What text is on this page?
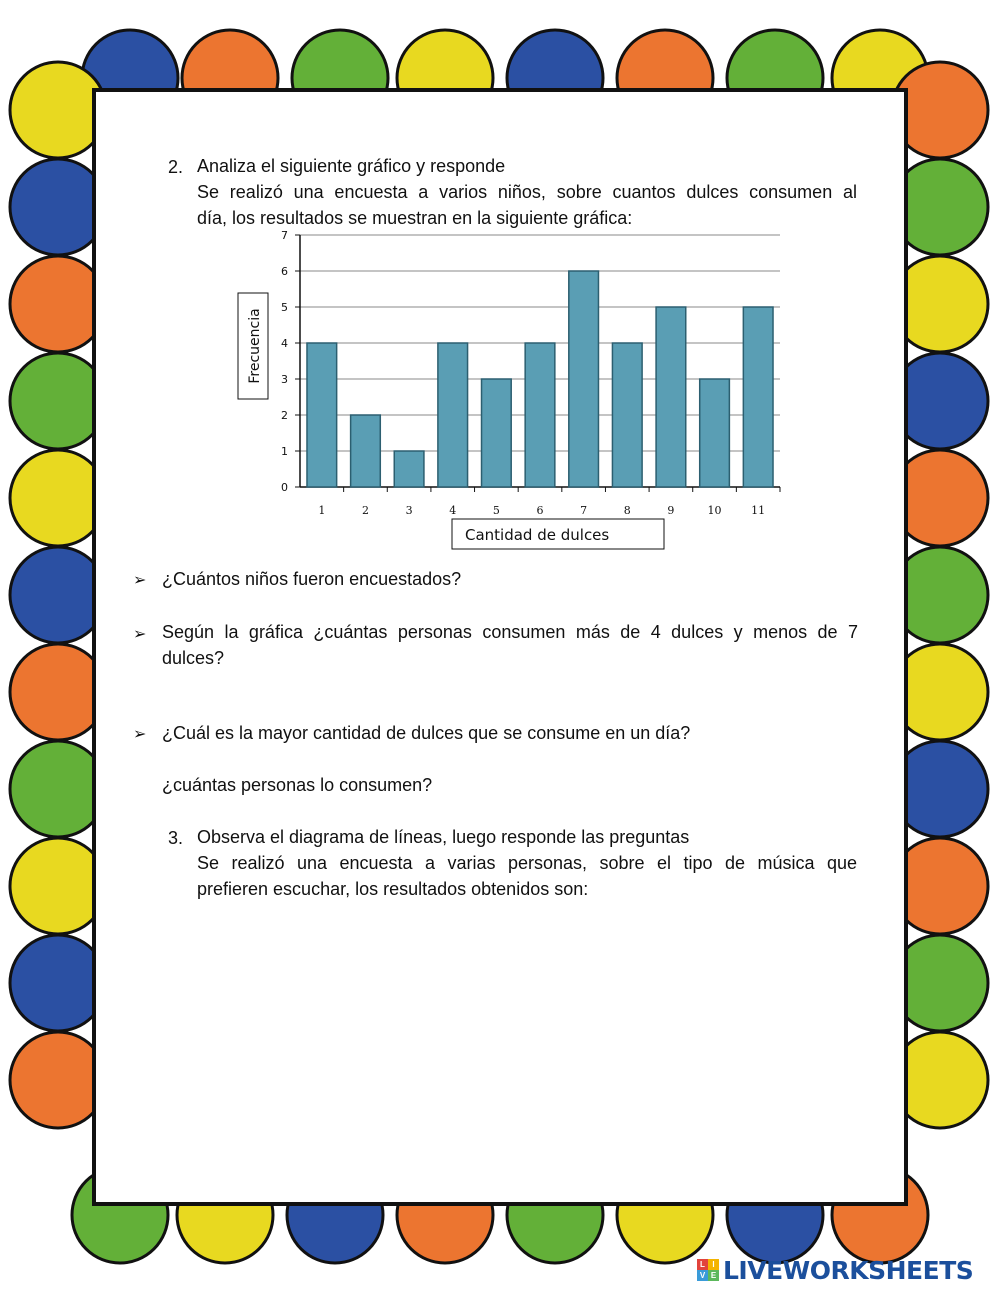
2. Analiza el siguiente gráfico y responde
Se realizó una encuesta a varios niños, sobre cuantos dulces consumen al
día, los resultados se muestran en la siguiente gráfica:
0
1
2
3
4
5
6
7
1	2	3	4	5	6	7	8	9	10	11
Frecuencia
Cantidad de dulces
➢ ¿Cuántos niños fueron encuestados?
➢ Según la gráfica ¿cuántas personas consumen más de 4 dulces y menos de 7
dulces?
➢ ¿Cuál es la mayor cantidad de dulces que se consume en un día?
¿cuántas personas lo consumen?
3. Observa el diagrama de líneas, luego responde las preguntas
Se realizó una encuesta a varias personas, sobre el tipo de música que
prefieren escuchar, los resultados obtenidos son:
L I
V E LIVEWORKSHEETS
